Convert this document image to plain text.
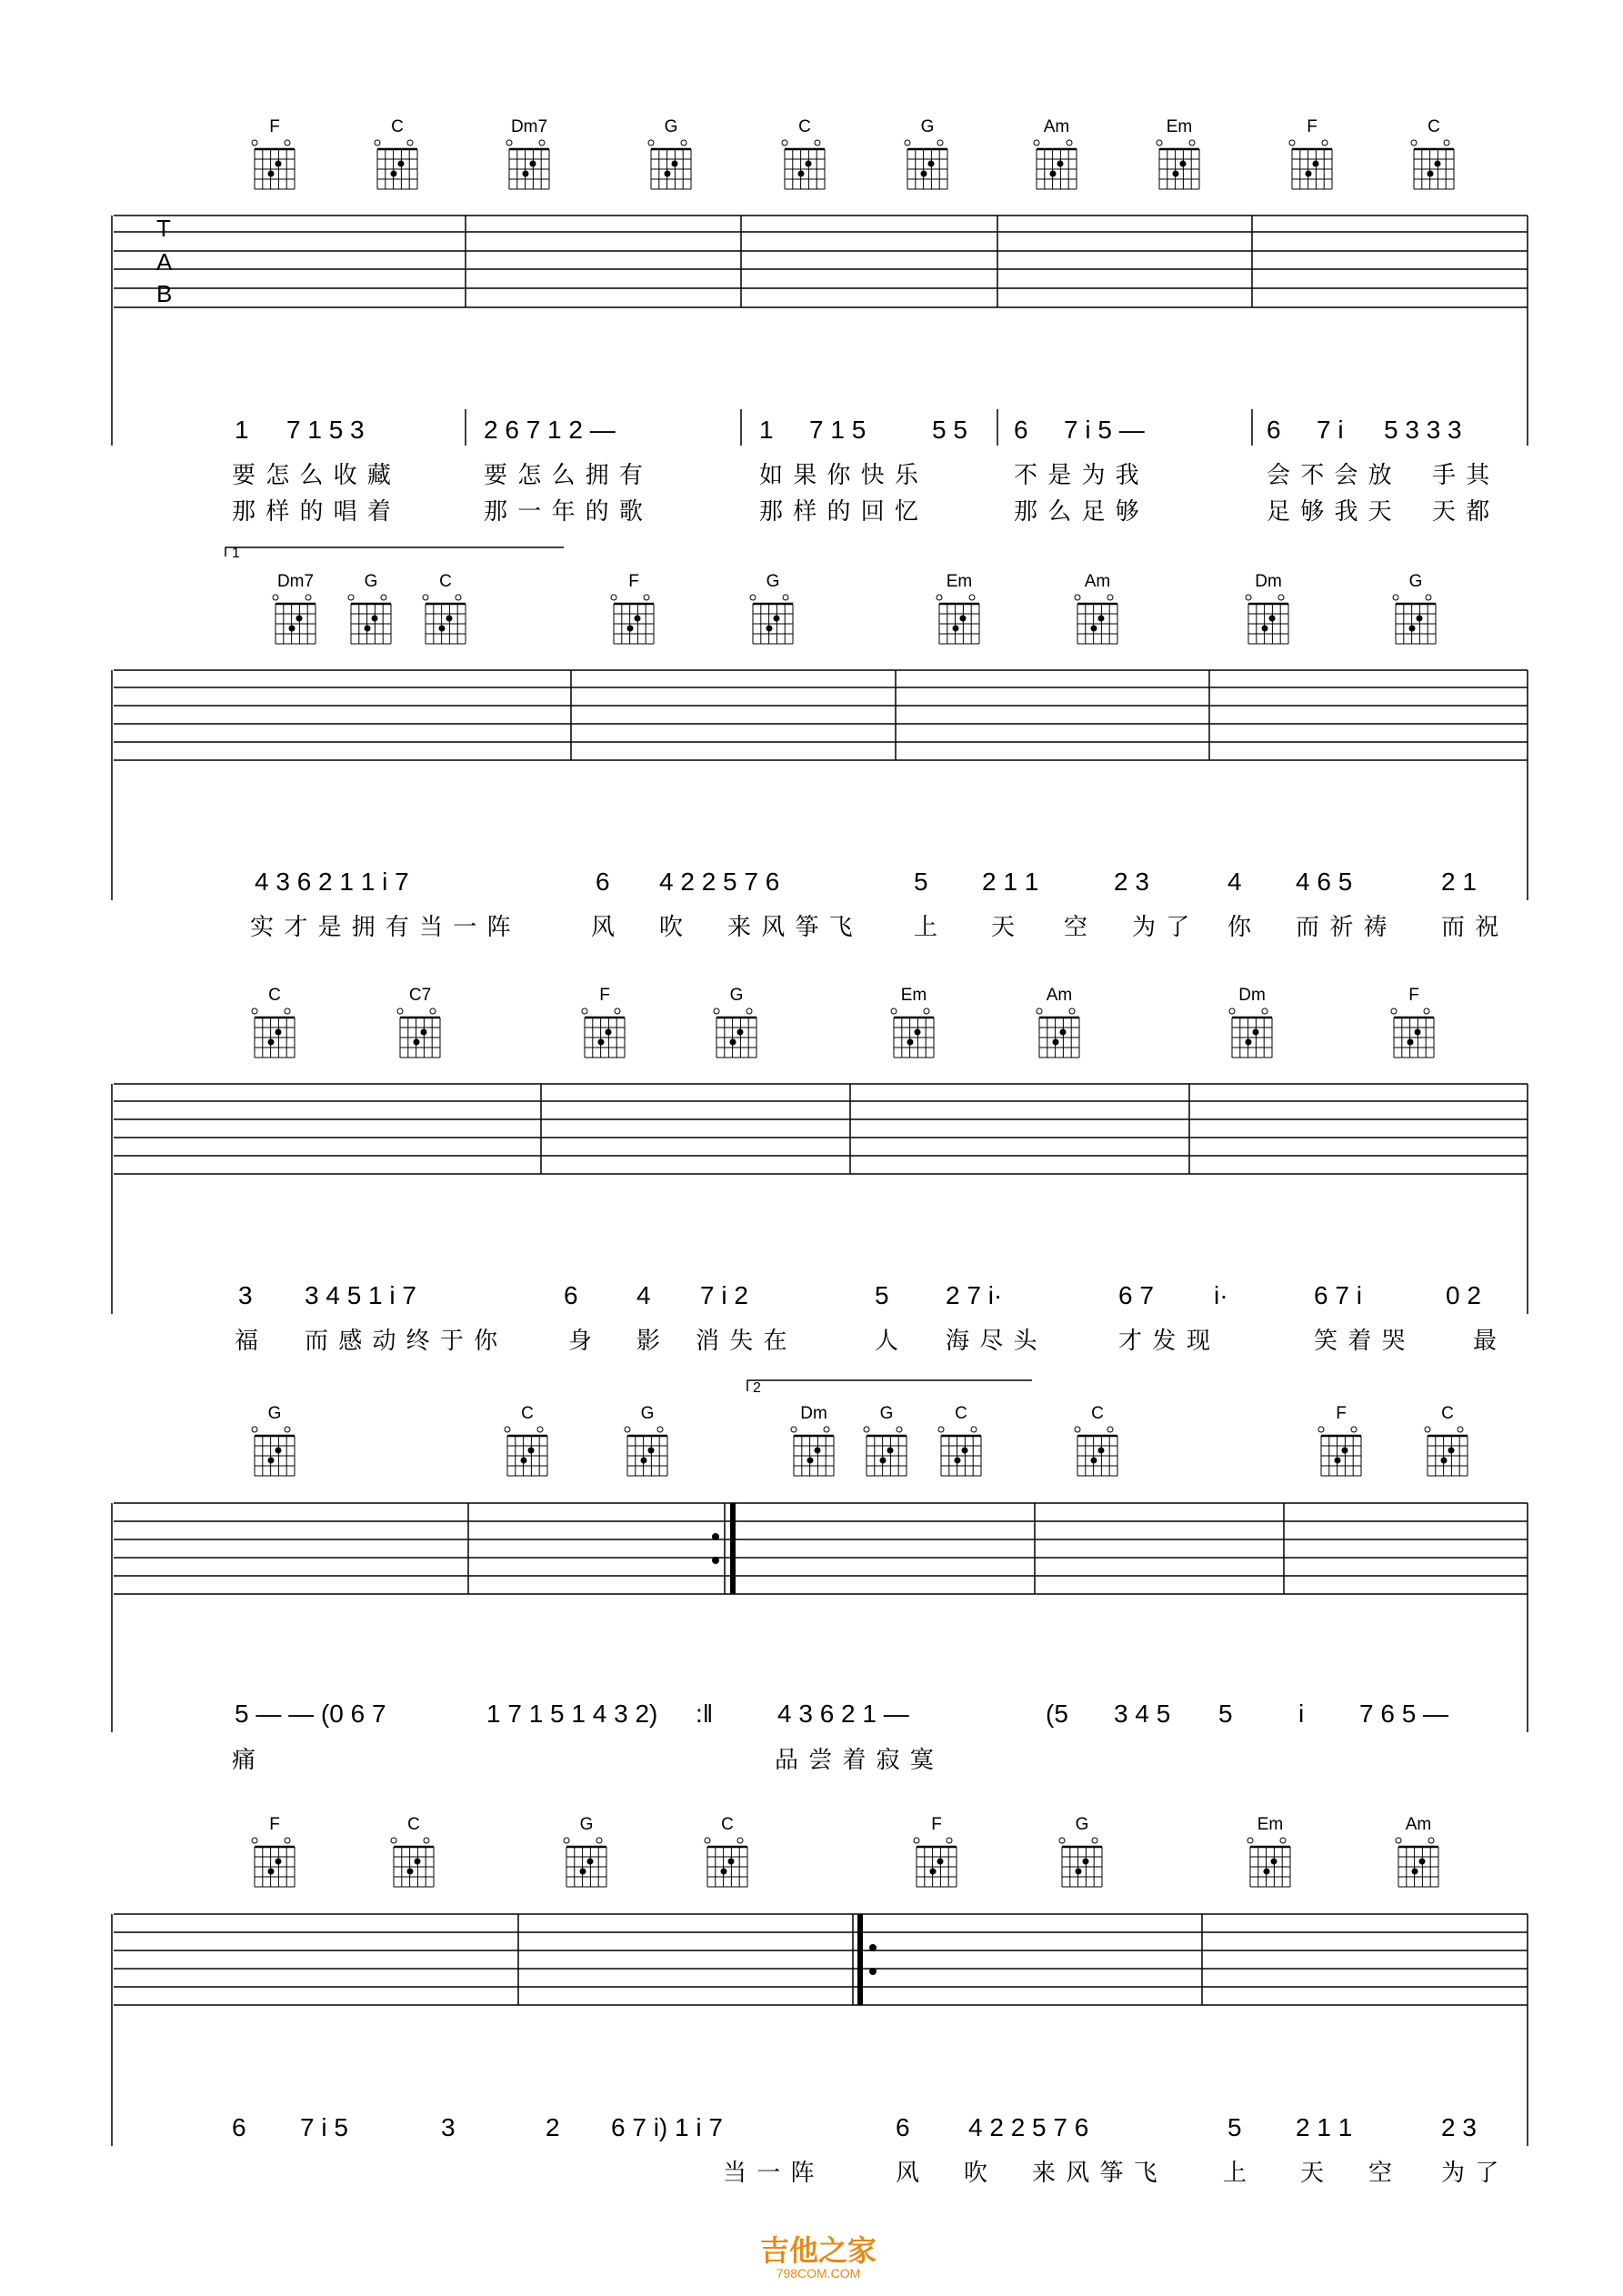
T
A
B
F	C	Dm7	G	C	G	Am	Em	F	C
1 7 1 5 3	2 6 7 1 2 —	1 7 1 5	5 5 6 7 i 5 —	6 7 i 5 3 3 3
要 怎 么 收 藏	要 怎 么 拥 有	如 果 你 快 乐	不 是 为 我	会 不 会 放 手 其
那 样 的 唱 着	那 一 年 的 歌	那 样 的 回 忆	那 么 足 够	足 够 我 天 天 都
1
Dm7	G	C	F	G	Em	Am	Dm	G
4 3 6 2 1 1 i 7	6 4 2 2 5 7 6	5 2 1 1	2 3	4 4 6 5	2 1
实 才 是 拥 有 当 一 阵	风 吹 来 风 筝 飞	上 天 空 为 了 你 而 祈 祷 而 祝
C	C7	F	G	Em	Am	Dm	F
3 3 4 5 1 i 7	6 4 7 i 2	5 2 7 i·	6 7 i·	6 7 i	0 2
福 而 感 动 终 于 你	身 影 消 失 在	人 海 尽 头	才 发 现	笑 着 哭	最
2
G	C	G	Dm	G	C	C	F	C
5 — — (0 6 7	1 7 1 5 1 4 3 2) :‖	4 3 6 2 1 —	(5 3 4 5 5	i 7 6 5 —
痛	品 尝 着 寂 寞
F	C	G	C	F	G	Em	Am
6 7 i 5	3	2 6 7 i) 1 i 7	6 4 2 2 5 7 6	5 2 1 1	2 3
当 一 阵	风 吹 来 风 筝 飞	上 天 空 为 了
吉他之家
798COM.COM
